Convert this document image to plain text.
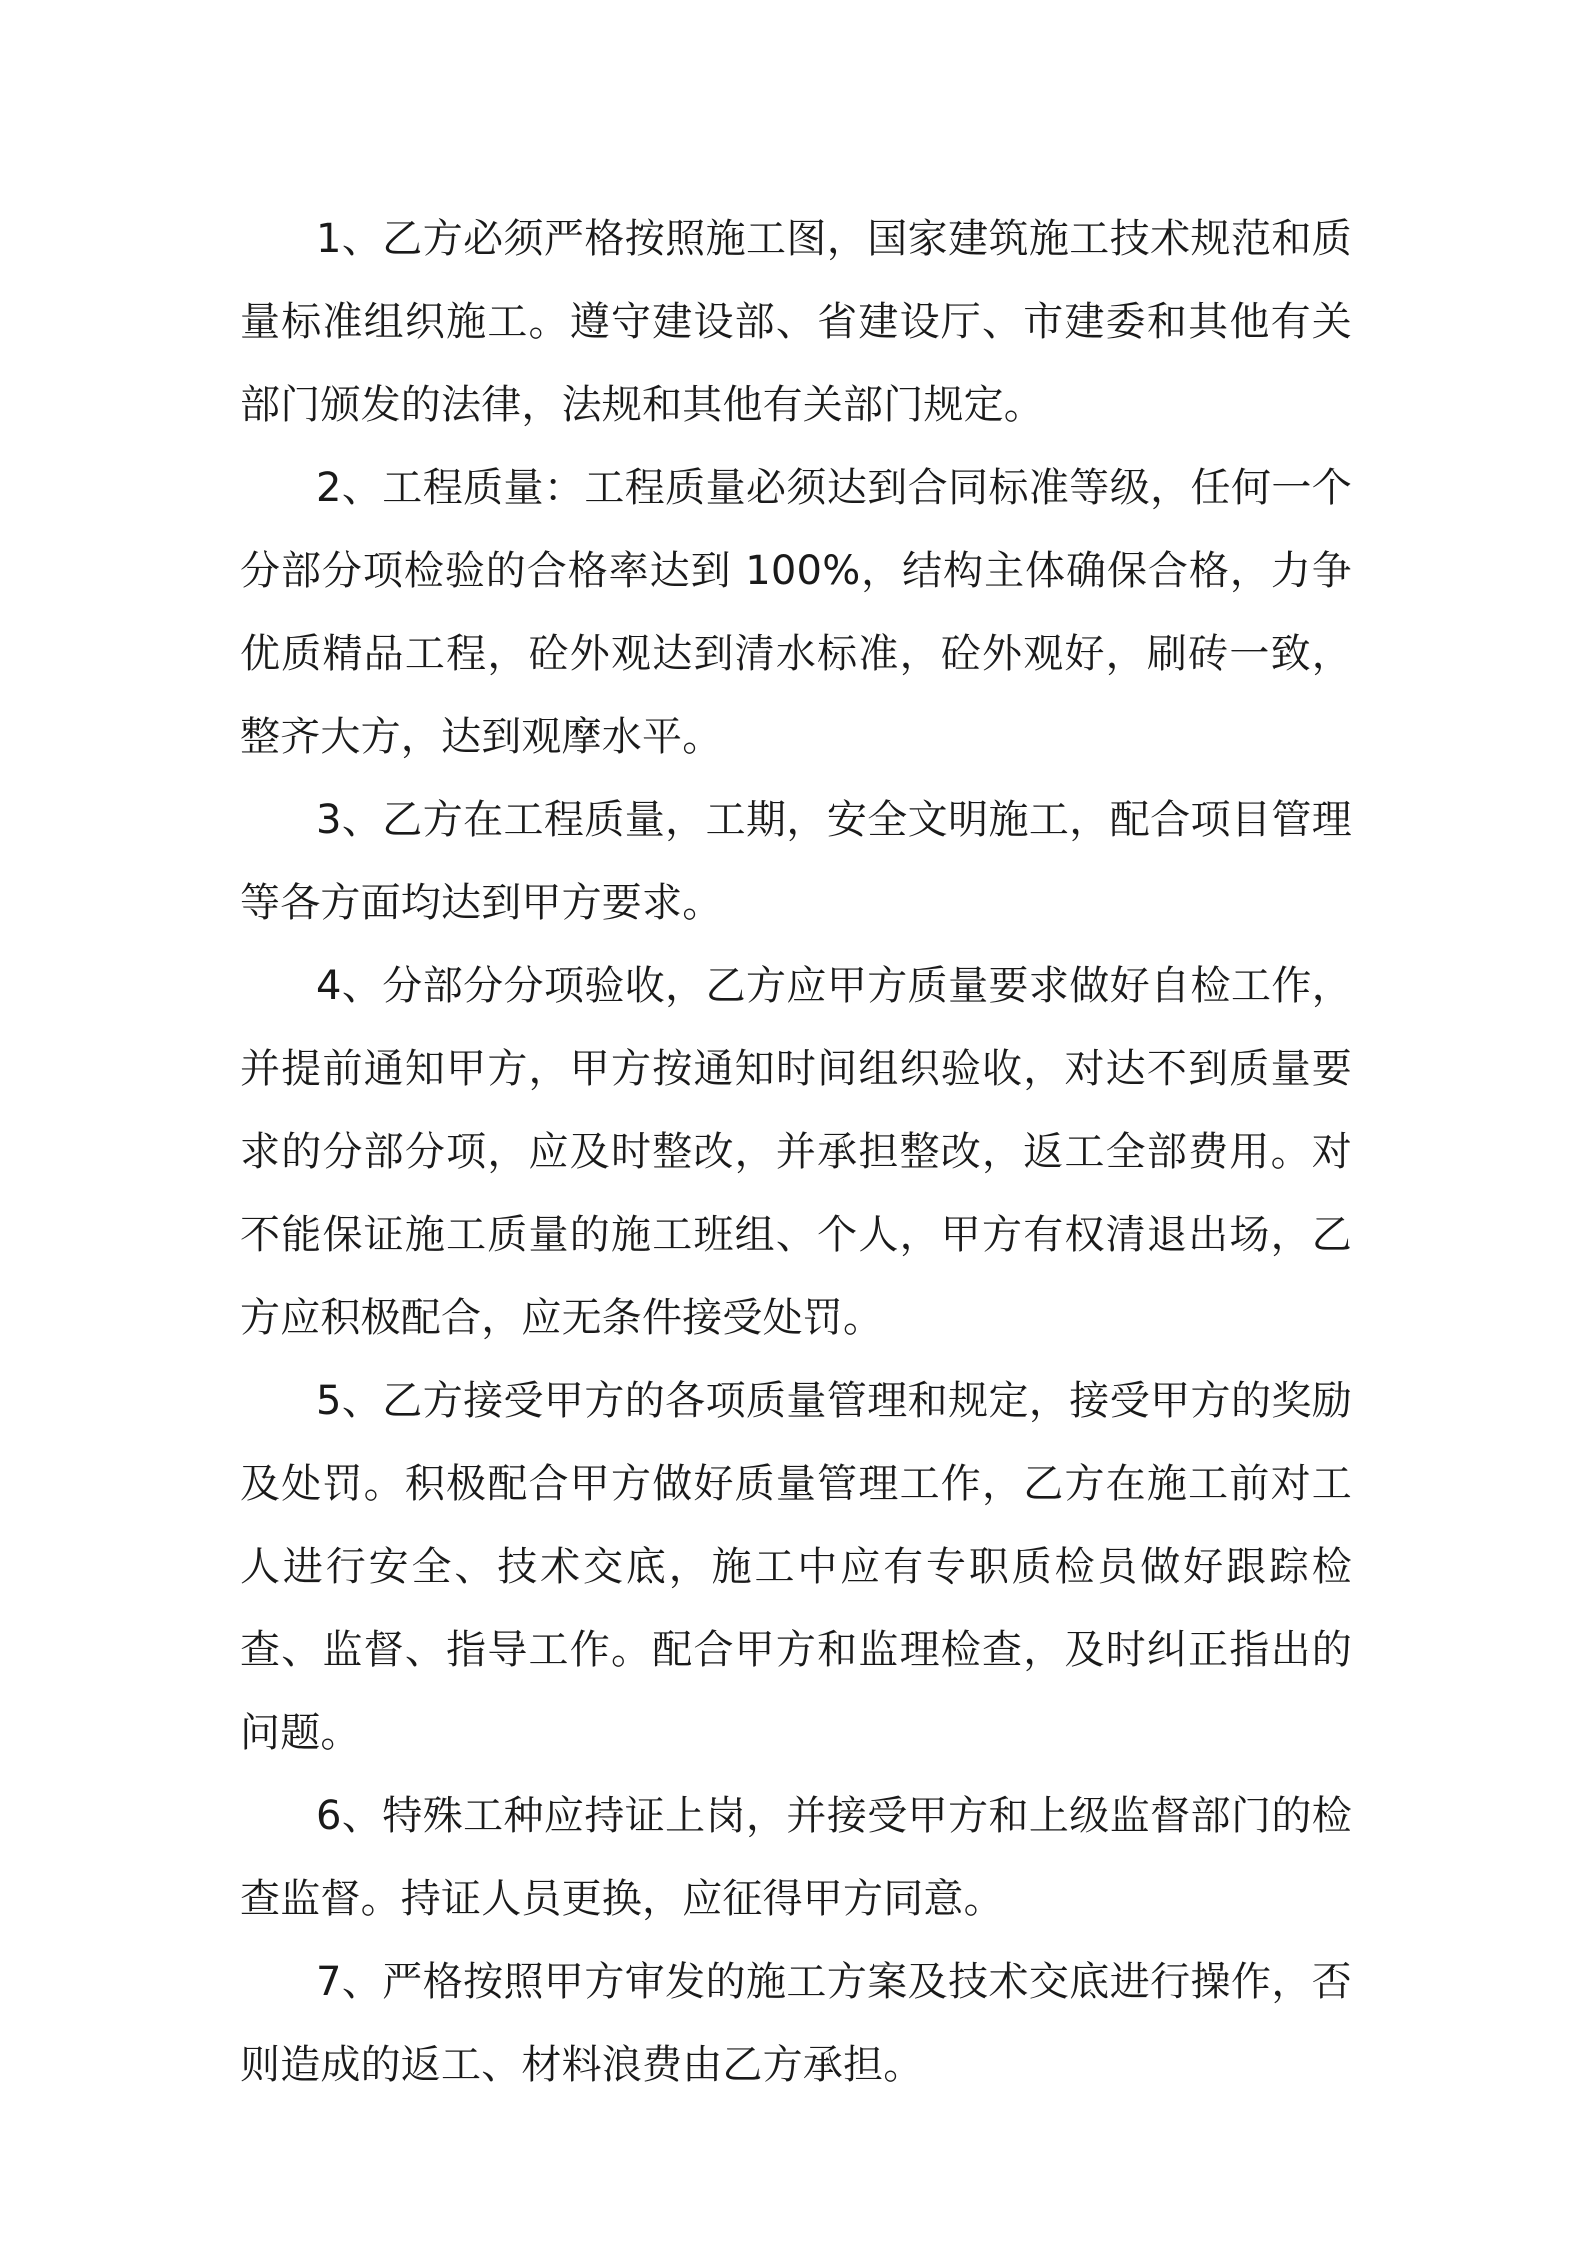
1、乙方必须严格按照施工图，国家建筑施工技术规范和质量标准组织施工。遵守建设部、省建设厅、市建委和其他有关部门颁发的法律，法规和其他有关部门规定。

2、工程质量：工程质量必须达到合同标准等级，任何一个分部分项检验的合格率达到 100%，结构主体确保合格，力争优质精品工程，砼外观达到清水标准，砼外观好，刷砖一致，整齐大方，达到观摩水平。

3、乙方在工程质量，工期，安全文明施工，配合项目管理等各方面均达到甲方要求。

4、分部分分项验收，乙方应甲方质量要求做好自检工作，并提前通知甲方，甲方按通知时间组织验收，对达不到质量要求的分部分项，应及时整改，并承担整改，返工全部费用。对不能保证施工质量的施工班组、个人，甲方有权清退出场，乙方应积极配合，应无条件接受处罚。

5、乙方接受甲方的各项质量管理和规定，接受甲方的奖励及处罚。积极配合甲方做好质量管理工作，乙方在施工前对工人进行安全、技术交底，施工中应有专职质检员做好跟踪检查、监督、指导工作。配合甲方和监理检查，及时纠正指出的问题。

6、特殊工种应持证上岗，并接受甲方和上级监督部门的检查监督。持证人员更换，应征得甲方同意。

7、严格按照甲方审发的施工方案及技术交底进行操作，否则造成的返工、材料浪费由乙方承担。
